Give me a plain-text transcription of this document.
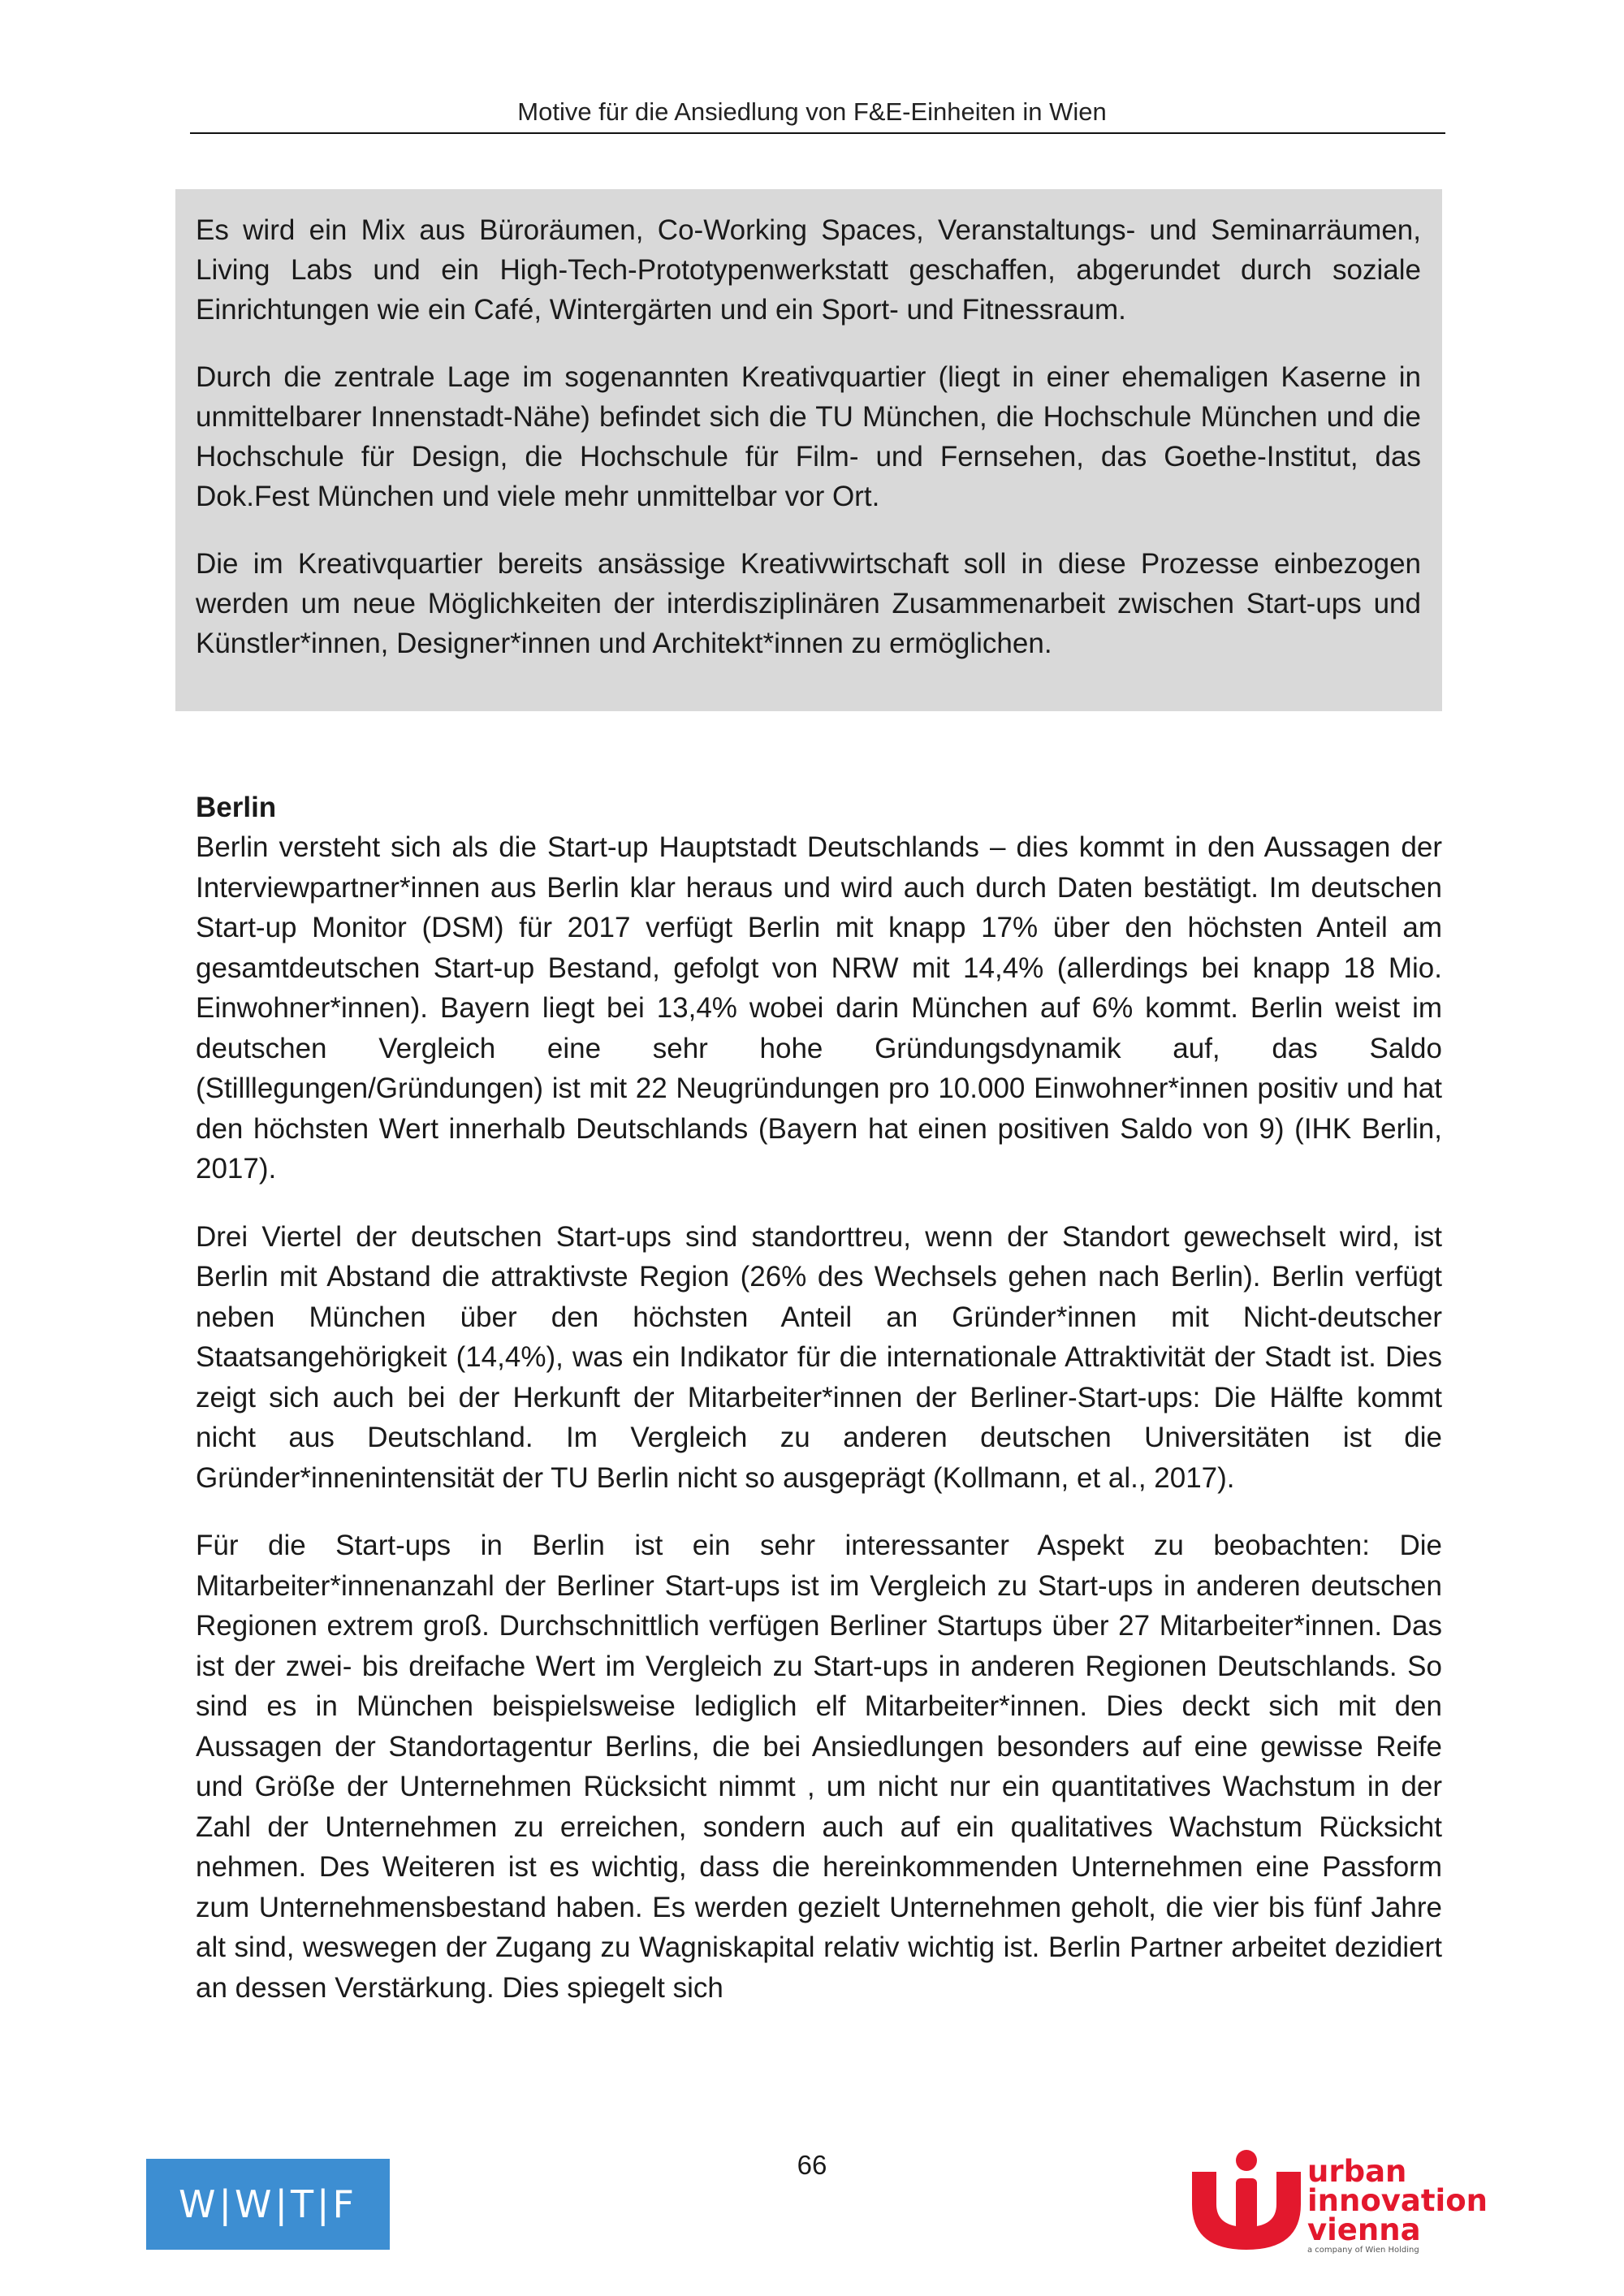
Motive für die Ansiedlung von F&E-Einheiten in Wien

Es wird ein Mix aus Büroräumen, Co-Working Spaces, Veranstaltungs- und Seminarräumen, Living Labs und ein High-Tech-Prototypenwerkstatt geschaffen, abgerundet durch soziale Einrichtungen wie ein Café, Wintergärten und ein Sport- und Fitnessraum.

Durch die zentrale Lage im sogenannten Kreativquartier (liegt in einer ehemaligen Kaserne in unmittelbarer Innenstadt-Nähe) befindet sich die TU München, die Hochschule München und die Hochschule für Design, die Hochschule für Film- und Fernsehen, das Goethe-Institut, das Dok.Fest München und viele mehr unmittelbar vor Ort.

Die im Kreativquartier bereits ansässige Kreativwirtschaft soll in diese Prozesse einbezogen werden um neue Möglichkeiten der interdisziplinären Zusammenarbeit zwischen Start-ups und Künstler*innen, Designer*innen und Architekt*innen zu ermöglichen.

Berlin

Berlin versteht sich als die Start-up Hauptstadt Deutschlands – dies kommt in den Aussagen der Interviewpartner*innen aus Berlin klar heraus und wird auch durch Daten bestätigt. Im deutschen Start-up Monitor (DSM) für 2017 verfügt Berlin mit knapp 17% über den höchsten Anteil am gesamtdeutschen Start-up Bestand, gefolgt von NRW mit 14,4% (allerdings bei knapp 18 Mio. Einwohner*innen). Bayern liegt bei 13,4% wobei darin München auf 6% kommt. Berlin weist im deutschen Vergleich eine sehr hohe Gründungsdynamik auf, das Saldo (Stilllegungen/Gründungen) ist mit 22 Neugründungen pro 10.000 Einwohner*innen positiv und hat den höchsten Wert innerhalb Deutschlands (Bayern hat einen positiven Saldo von 9) (IHK Berlin, 2017).

Drei Viertel der deutschen Start-ups sind standorttreu, wenn der Standort gewechselt wird, ist Berlin mit Abstand die attraktivste Region (26% des Wechsels gehen nach Berlin). Berlin verfügt neben München über den höchsten Anteil an Gründer*innen mit Nicht-deutscher Staatsangehörigkeit (14,4%), was ein Indikator für die internationale Attraktivität der Stadt ist. Dies zeigt sich auch bei der Herkunft der Mitarbeiter*innen der Berliner-Start-ups: Die Hälfte kommt nicht aus Deutschland. Im Vergleich zu anderen deutschen Universitäten ist die Gründer*innenintensität der TU Berlin nicht so ausgeprägt (Kollmann, et al., 2017).

Für die Start-ups in Berlin ist ein sehr interessanter Aspekt zu beobachten: Die Mitarbeiter*innenanzahl der Berliner Start-ups ist im Vergleich zu Start-ups in anderen deutschen Regionen extrem groß. Durchschnittlich verfügen Berliner Startups über 27 Mitarbeiter*innen. Das ist der zwei- bis dreifache Wert im Vergleich zu Start-ups in anderen Regionen Deutschlands. So sind es in München beispielsweise lediglich elf Mitarbeiter*innen. Dies deckt sich mit den Aussagen der Standortagentur Berlins, die bei Ansiedlungen besonders auf eine gewisse Reife und Größe der Unternehmen Rücksicht nimmt , um nicht nur ein quantitatives Wachstum in der Zahl der Unternehmen zu erreichen, sondern auch auf ein qualitatives Wachstum Rücksicht nehmen. Des Weiteren ist es wichtig, dass die hereinkommenden Unternehmen eine Passform zum Unternehmensbestand haben. Es werden gezielt Unternehmen geholt, die vier bis fünf Jahre alt sind, weswegen der Zugang zu Wagniskapital relativ wichtig ist. Berlin Partner arbeitet dezidiert an dessen Verstärkung. Dies spiegelt sich

66
W|W|T|F
urban
innovation
vienna
a company of Wien Holding
